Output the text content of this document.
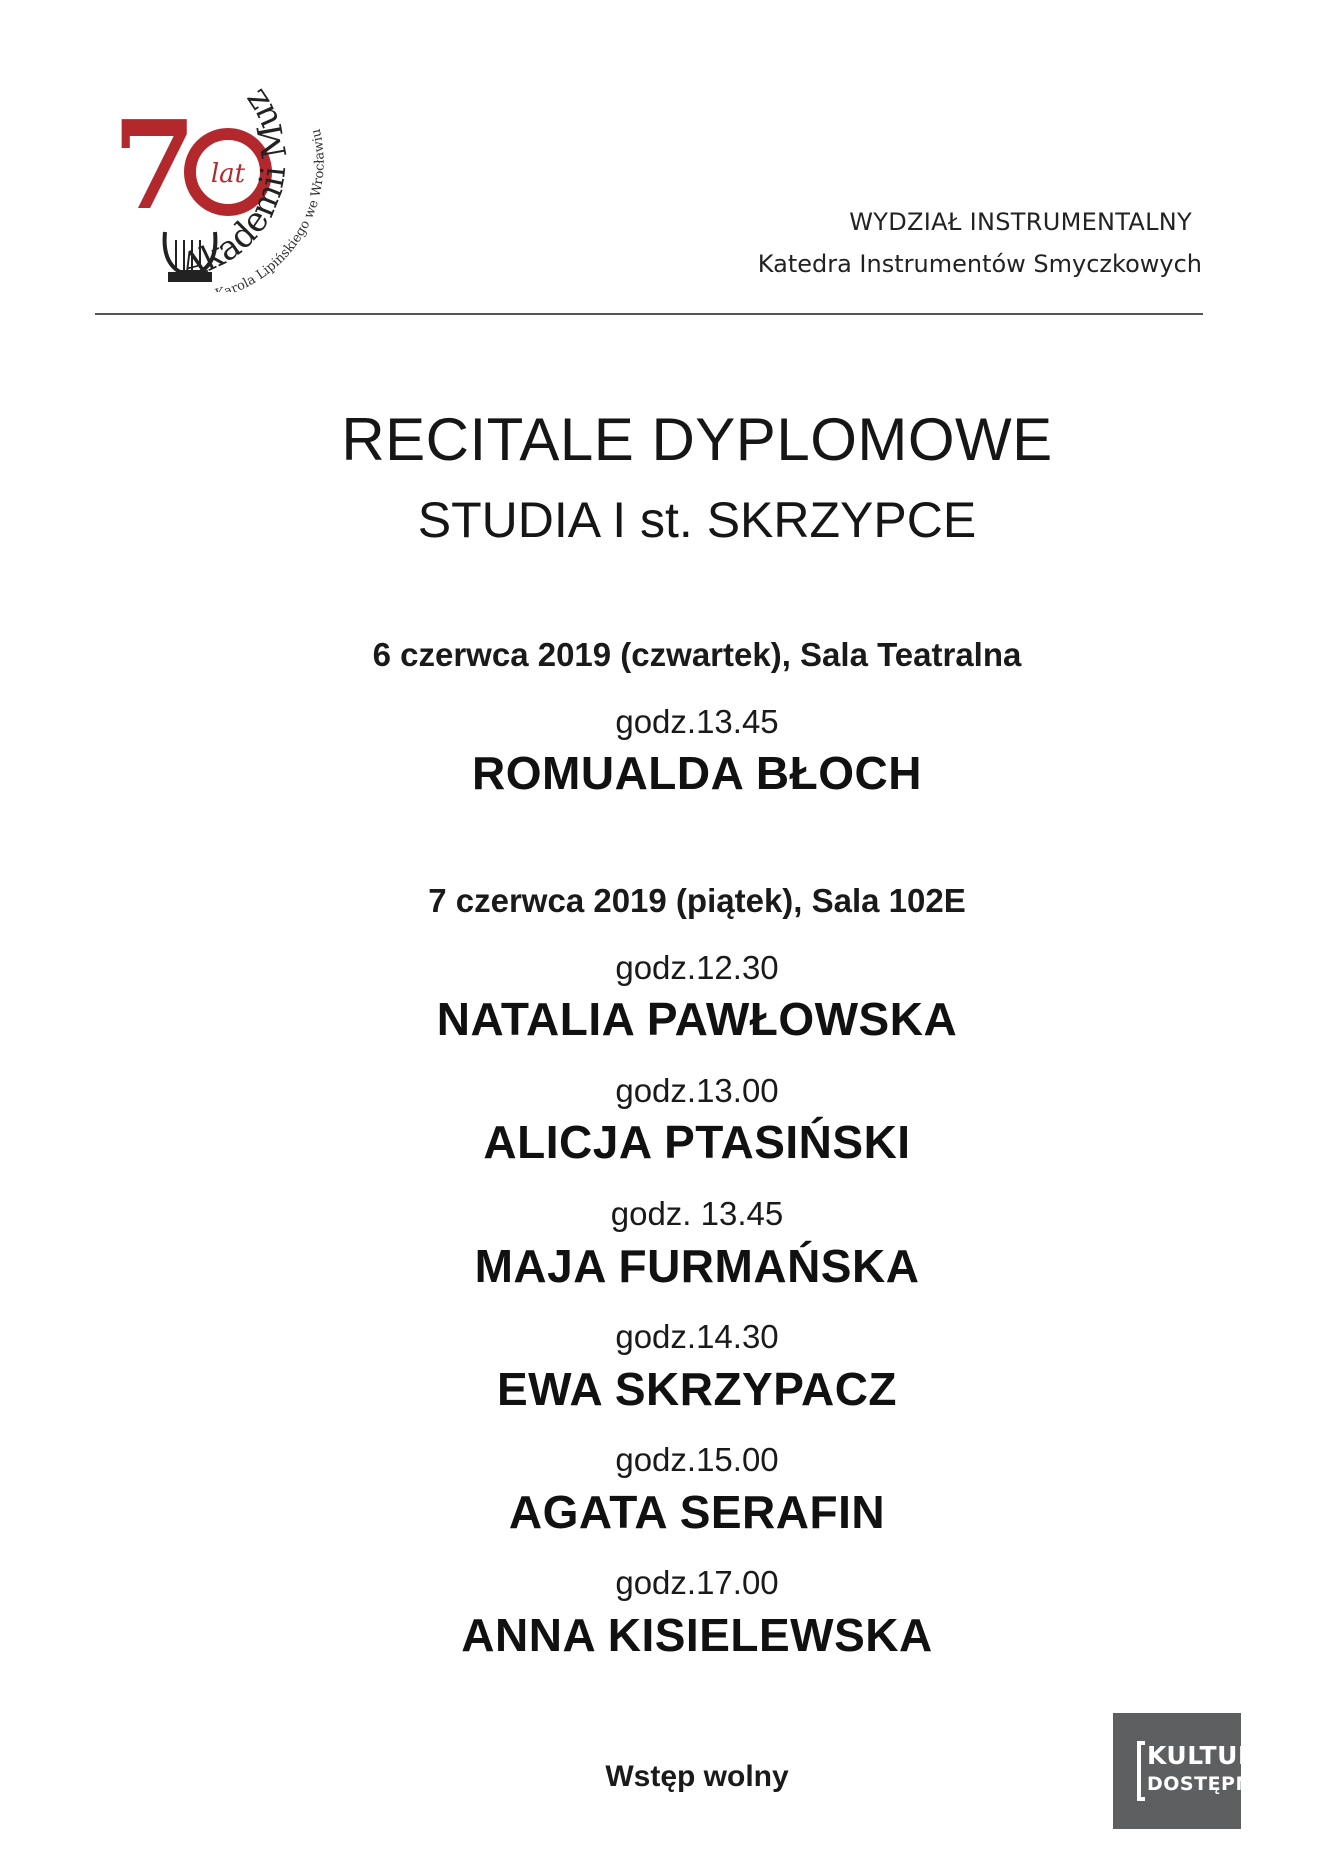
7 lat
Akademii Muz
arola Lipińskiego we Wrocławiu
WYDZIAŁ INSTRUMENTALNY
Katedra Instrumentów Smyczkowych
RECITALE DYPLOMOWE
STUDIA I st. SKRZYPCE
6 czerwca 2019 (czwartek), Sala Teatralna
godz.13.45
ROMUALDA BŁOCH
7 czerwca 2019 (piątek), Sala 102E
godz.12.30
NATALIA PAWŁOWSKA
godz.13.00
ALICJA PTASIŃSKI
godz. 13.45
MAJA FURMAŃSKA
godz.14.30
EWA SKRZYPACZ
godz.15.00
AGATA SERAFIN
godz.17.00
ANNA KISIELEWSKA
Wstęp wolny
KULTURA
DOSTĘPNA
